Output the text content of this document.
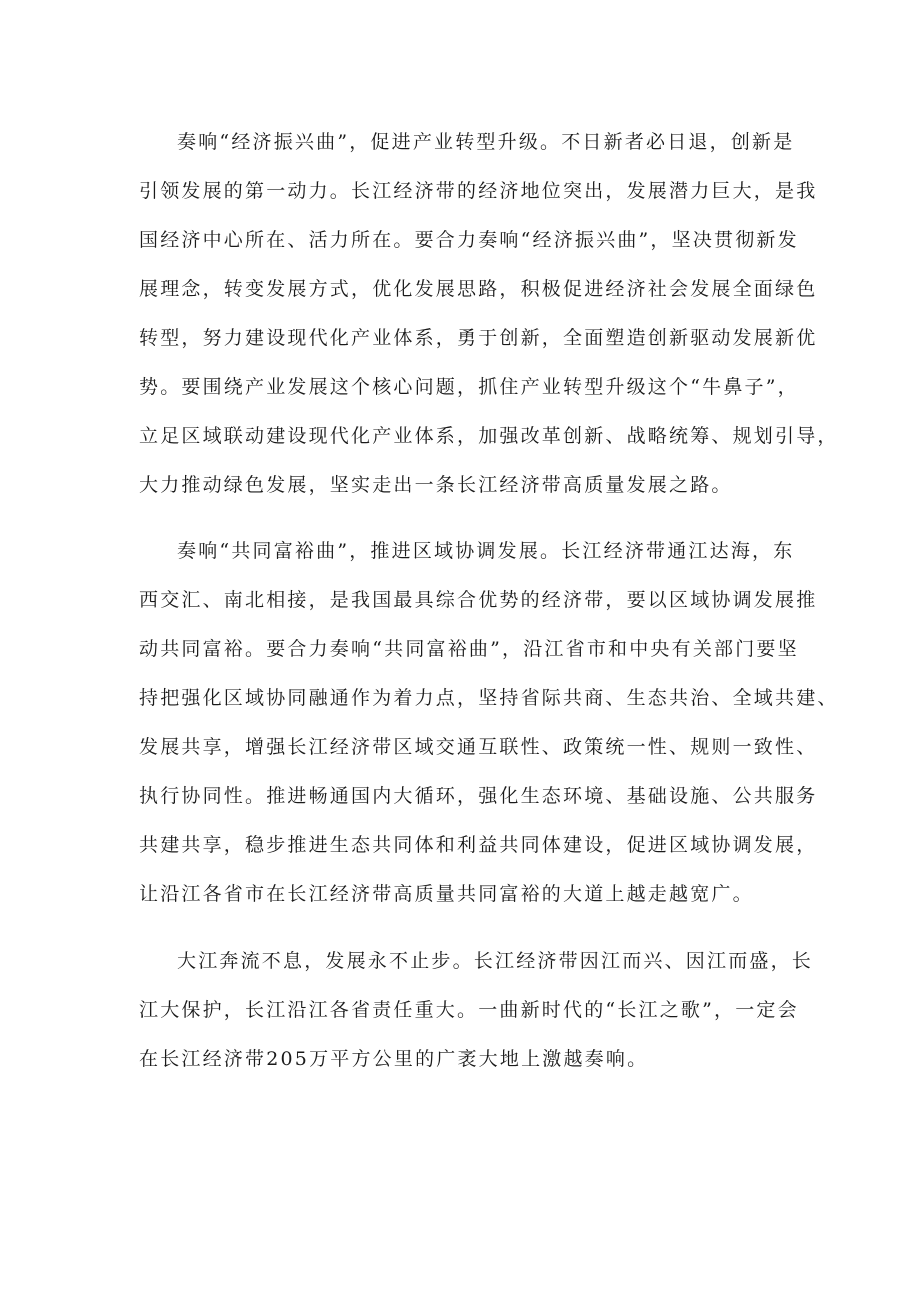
奏响“经济振兴曲”，促进产业转型升级。不日新者必日退，创新是
引领发展的第一动力。长江经济带的经济地位突出，发展潜力巨大，是我
国经济中心所在、活力所在。要合力奏响“经济振兴曲”，坚决贯彻新发
展理念，转变发展方式，优化发展思路，积极促进经济社会发展全面绿色
转型，努力建设现代化产业体系，勇于创新，全面塑造创新驱动发展新优
势。要围绕产业发展这个核心问题，抓住产业转型升级这个“牛鼻子”，
立足区域联动建设现代化产业体系，加强改革创新、战略统筹、规划引导，
大力推动绿色发展，坚实走出一条长江经济带高质量发展之路。
奏响“共同富裕曲”，推进区域协调发展。长江经济带通江达海，东
西交汇、南北相接，是我国最具综合优势的经济带，要以区域协调发展推
动共同富裕。要合力奏响“共同富裕曲”，沿江省市和中央有关部门要坚
持把强化区域协同融通作为着力点，坚持省际共商、生态共治、全域共建、
发展共享，增强长江经济带区域交通互联性、政策统一性、规则一致性、
执行协同性。推进畅通国内大循环，强化生态环境、基础设施、公共服务
共建共享，稳步推进生态共同体和利益共同体建设，促进区域协调发展，
让沿江各省市在长江经济带高质量共同富裕的大道上越走越宽广。
大江奔流不息，发展永不止步。长江经济带因江而兴、因江而盛，长
江大保护，长江沿江各省责任重大。一曲新时代的“长江之歌”，一定会
在长江经济带205万平方公里的广袤大地上激越奏响。
